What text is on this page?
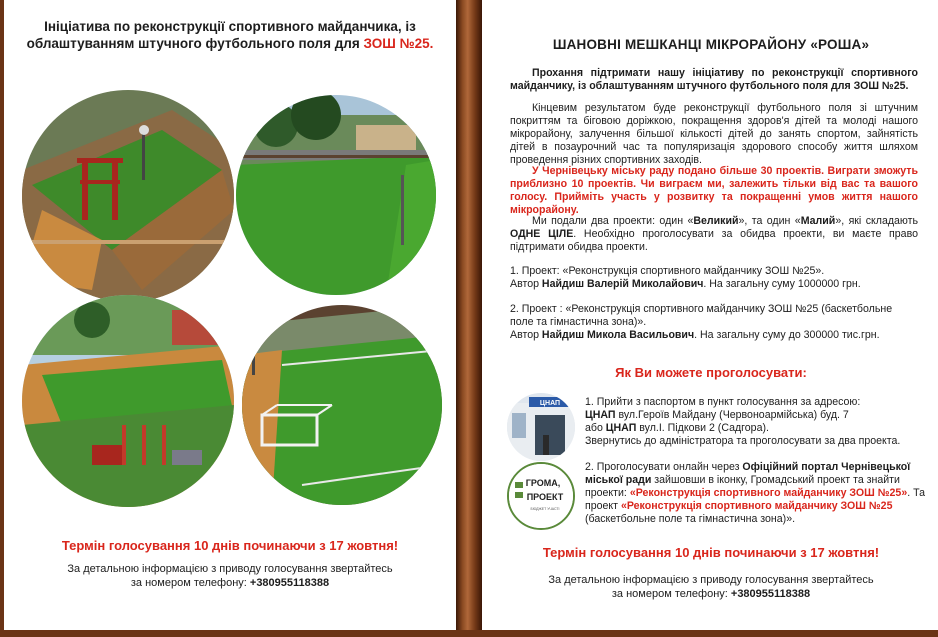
Ініціатива по реконструкції спортивного майданчика, із
облаштуванням штучного футбольного поля для ЗОШ №25.
Термін голосування 10 днів починаючи з 17 жовтня!
За детальною інформацією з приводу голосування звертайтесь
за номером телефону: +380955118388
ШАНОВНІ МЕШКАНЦІ МІКРОРАЙОНУ «РОША»
Прохання підтримати нашу ініціативу по реконструкції спортивного майданчику, із облаштуванням штучного футбольного поля для ЗОШ №25.
Кінцевим результатом буде реконструкції футбольного поля зі штучним покриттям та біговою доріжкою, покращення здоров'я дітей та молоді нашого мікрорайону, залучення більшої кількості дітей до занять спортом, зайнятість дітей в позаурочний час та популяризація здорового способу життя шляхом проведення різних спортивних заходів.
У Чернівецьку міську раду подано більше 30 проектів. Виграти зможуть приблизно 10 проектів. Чи виграєм ми, залежить тільки від вас та вашого голосу. Прийміть участь у розвитку та покращенні умов життя нашого мікрорайону.
Ми подали два проекти: один «Великий», та один «Малий», які складають ОДНЕ ЦІЛЕ. Необхідно проголосувати за обидва проекти, ви маєте право підтримати обидва проекти.
1. Проект: «Реконструкція спортивного майданчику ЗОШ №25».
Автор Найдиш Валерій Миколайович. На загальну суму 1000000 грн.
2. Проект : «Реконструкція спортивного майданчику ЗОШ №25 (баскетбольне поле та гімнастична зона)».
Автор Найдиш Микола Васильович. На загальну суму до 300000 тис.грн.
Як Ви можете проголосувати:
ЦНАП
ГРОМА,
ПРОЕКТ
БЮДЖЕТ УЧАСТІ
1. Прийти з паспортом в пункт голосування за адресою:
ЦНАП вул.Героїв Майдану (Червоноармійська) буд. 7
або ЦНАП вул.І. Підкови 2 (Садгора).
Звернутись до адміністратора та проголосувати за два проекта.
2. Проголосувати онлайн через Офіційний портал Чернівецької міської ради зайшовши в іконку, Громадський проект та знайти проекти: «Реконструкція спортивного майданчику ЗОШ №25». Та проект «Реконструкція спортивного майданчику ЗОШ №25 (баскетбольне поле та гімнастична зона)».
Термін голосування 10 днів починаючи з 17 жовтня!
За детальною інформацією з приводу голосування звертайтесь
за номером телефону: +380955118388
